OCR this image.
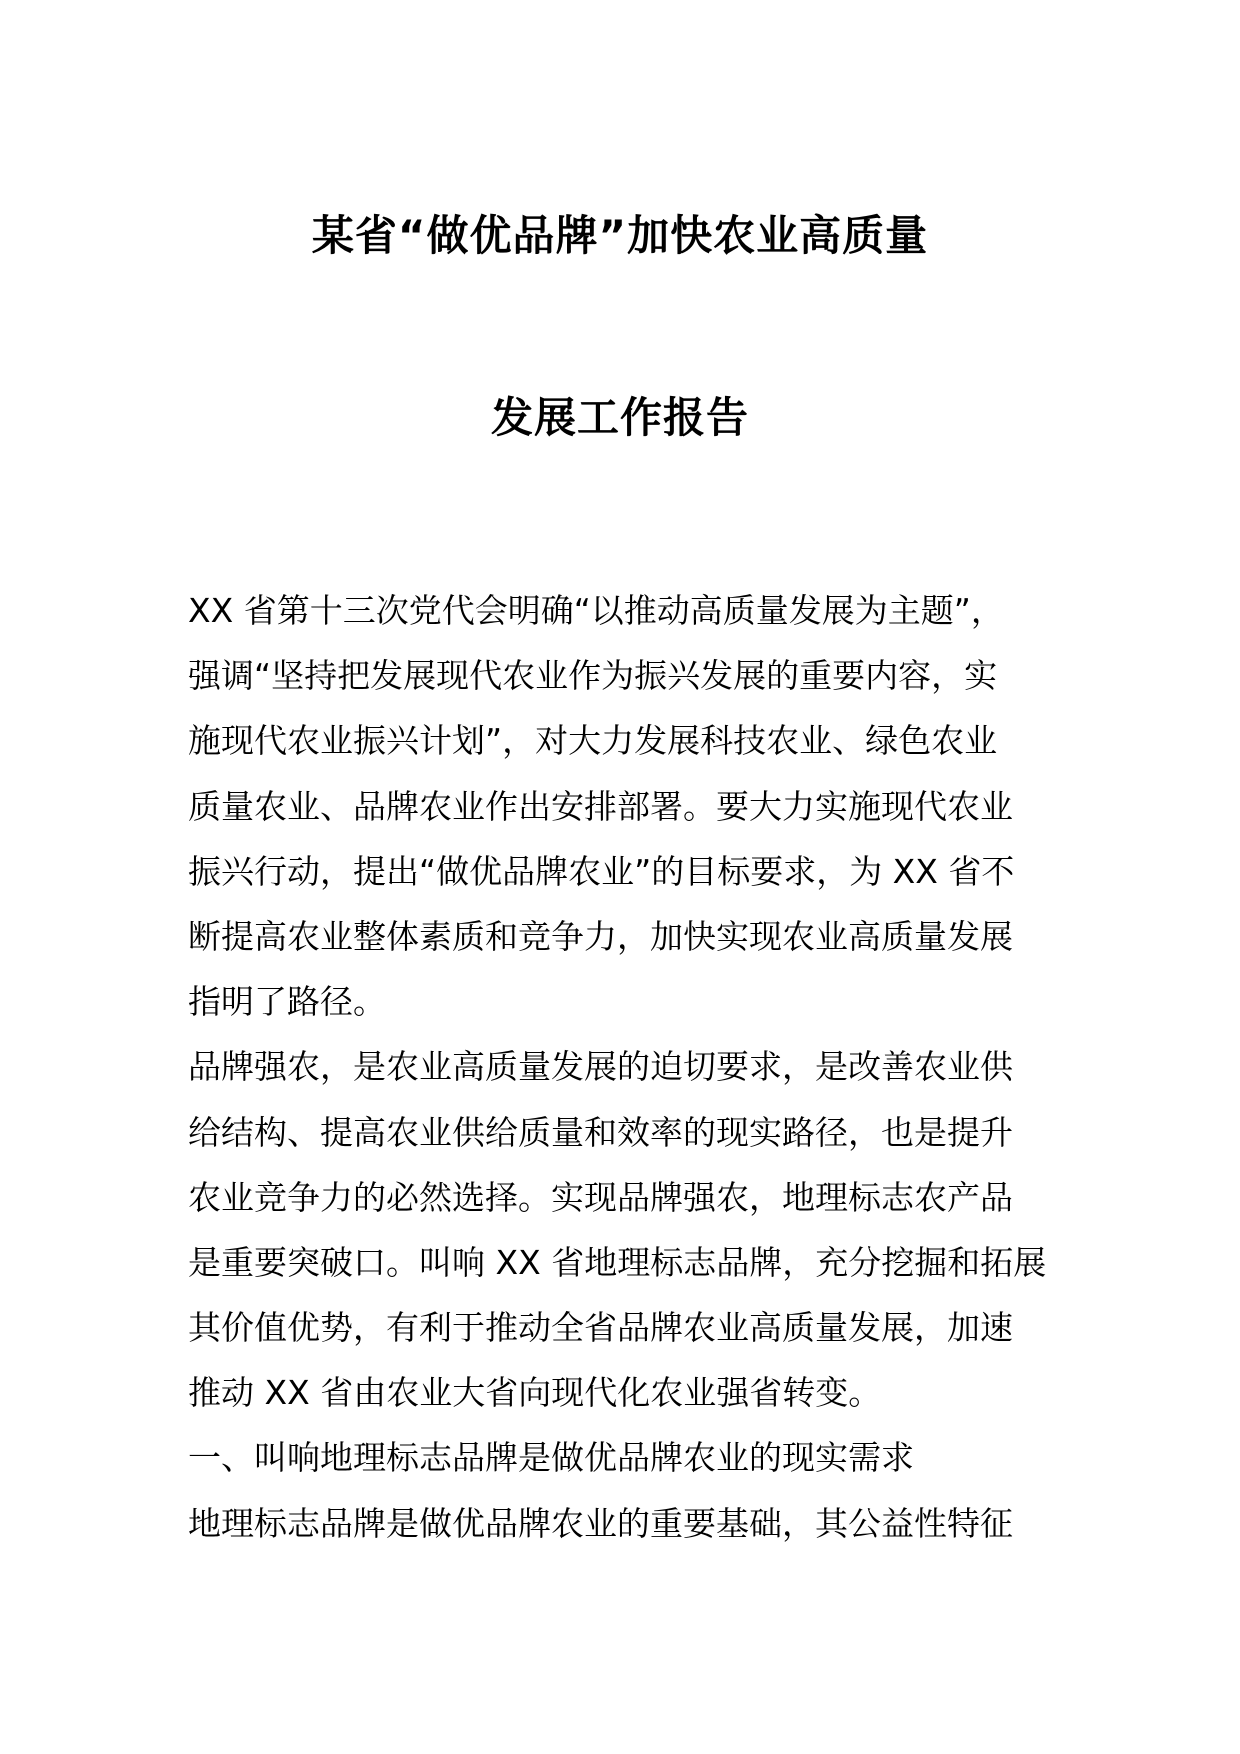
某省“做优品牌”加快农业高质量
发展工作报告
XX 省第十三次党代会明确“以推动高质量发展为主题”，
强调“坚持把发展现代农业作为振兴发展的重要内容，实
施现代农业振兴计划”，对大力发展科技农业、绿色农业
质量农业、品牌农业作出安排部署。要大力实施现代农业
振兴行动，提出“做优品牌农业”的目标要求，为 XX 省不
断提高农业整体素质和竞争力，加快实现农业高质量发展
指明了路径。
品牌强农，是农业高质量发展的迫切要求，是改善农业供
给结构、提高农业供给质量和效率的现实路径，也是提升
农业竞争力的必然选择。实现品牌强农，地理标志农产品
是重要突破口。叫响 XX 省地理标志品牌，充分挖掘和拓展
其价值优势，有利于推动全省品牌农业高质量发展，加速
推动 XX 省由农业大省向现代化农业强省转变。
一、叫响地理标志品牌是做优品牌农业的现实需求
地理标志品牌是做优品牌农业的重要基础，其公益性特征
